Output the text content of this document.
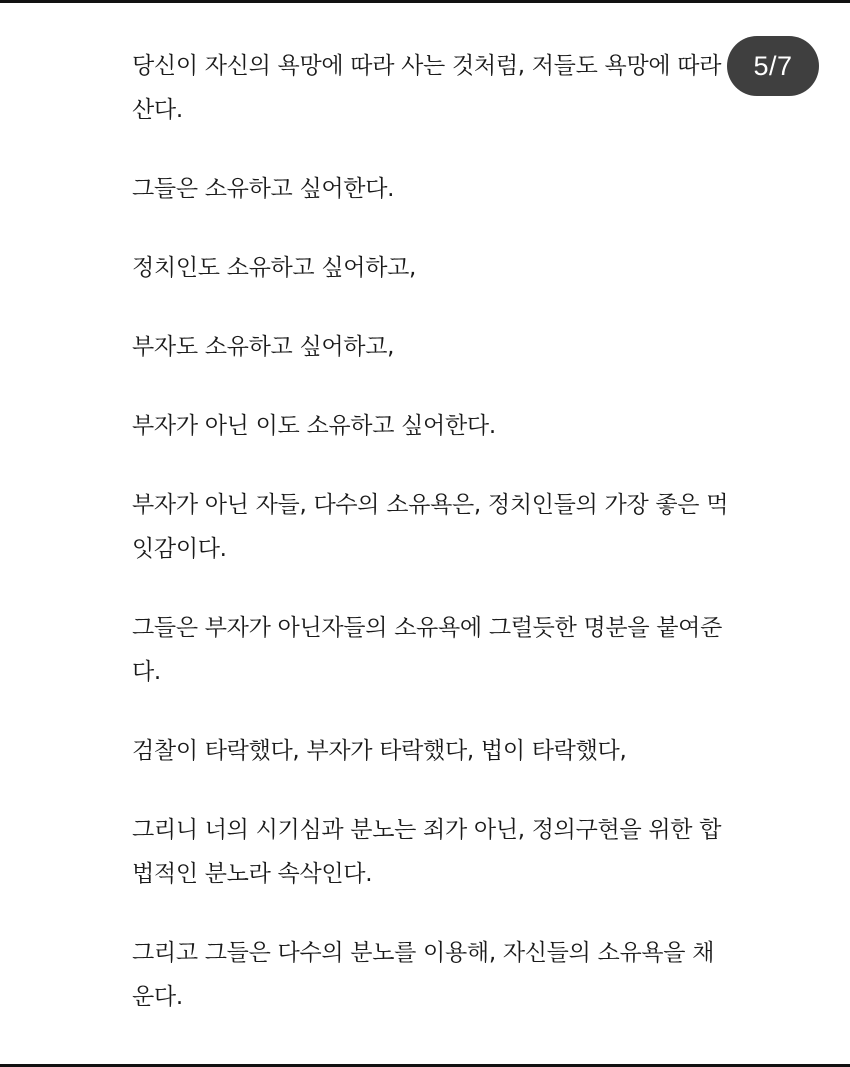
당신이 자신의 욕망에 따라 사는 것처럼, 저들도 욕망에 따라 산다.

그들은 소유하고 싶어한다.

정치인도 소유하고 싶어하고,

부자도 소유하고 싶어하고,

부자가 아닌 이도 소유하고 싶어한다.

부자가 아닌 자들, 다수의 소유욕은, 정치인들의 가장 좋은 먹잇감이다.

그들은 부자가 아닌자들의 소유욕에 그럴듯한 명분을 붙여준다.

검찰이 타락했다, 부자가 타락했다, 법이 타락했다,

그리니 너의 시기심과 분노는 죄가 아닌, 정의구현을 위한 합법적인 분노라 속삭인다.

그리고 그들은 다수의 분노를 이용해, 자신들의 소유욕을 채운다.

5/7
